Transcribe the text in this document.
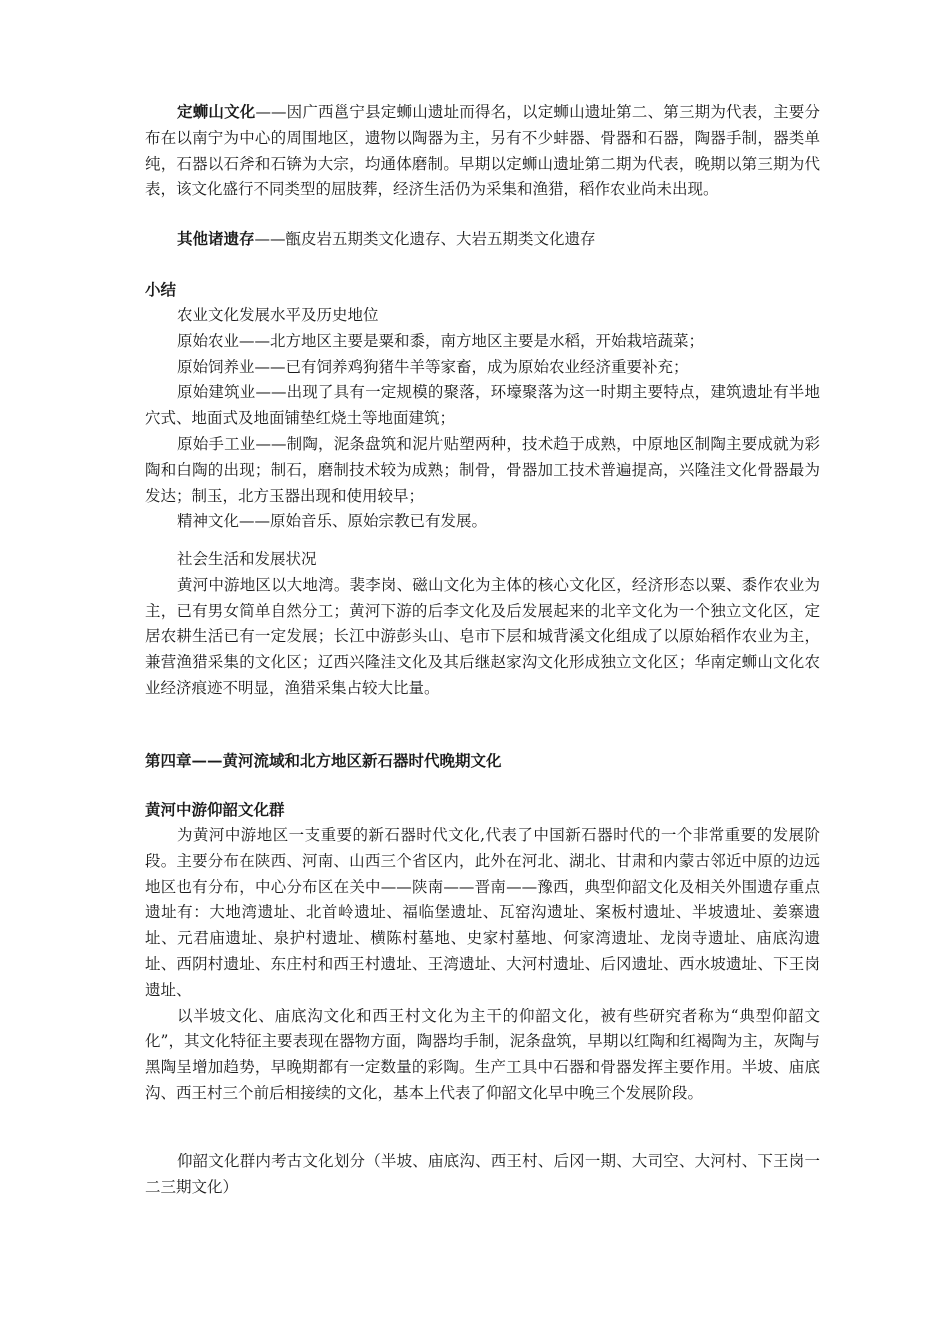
定蛳山文化——因广西邕宁县定蛳山遗址而得名，以定蛳山遗址第二、第三期为代表，主要分布在以南宁为中心的周围地区，遗物以陶器为主，另有不少蚌器、骨器和石器，陶器手制，器类单纯，石器以石斧和石锛为大宗，均通体磨制。早期以定蛳山遗址第二期为代表，晚期以第三期为代表，该文化盛行不同类型的屈肢葬，经济生活仍为采集和渔猎，稻作农业尚未出现。

其他诸遗存——甑皮岩五期类文化遗存、大岩五期类文化遗存

小结

农业文化发展水平及历史地位

原始农业——北方地区主要是粟和黍，南方地区主要是水稻，开始栽培蔬菜；

原始饲养业——已有饲养鸡狗猪牛羊等家畜，成为原始农业经济重要补充；

原始建筑业——出现了具有一定规模的聚落，环壕聚落为这一时期主要特点，建筑遗址有半地穴式、地面式及地面铺垫红烧土等地面建筑；

原始手工业——制陶，泥条盘筑和泥片贴塑两种，技术趋于成熟，中原地区制陶主要成就为彩陶和白陶的出现；制石，磨制技术较为成熟；制骨，骨器加工技术普遍提高，兴隆洼文化骨器最为发达；制玉，北方玉器出现和使用较早；

精神文化——原始音乐、原始宗教已有发展。

社会生活和发展状况

黄河中游地区以大地湾。裴李岗、磁山文化为主体的核心文化区，经济形态以粟、黍作农业为主，已有男女简单自然分工；黄河下游的后李文化及后发展起来的北辛文化为一个独立文化区，定居农耕生活已有一定发展；长江中游彭头山、皂市下层和城背溪文化组成了以原始稻作农业为主，兼营渔猎采集的文化区；辽西兴隆洼文化及其后继赵家沟文化形成独立文化区；华南定蛳山文化农业经济痕迹不明显，渔猎采集占较大比量。

第四章——黄河流域和北方地区新石器时代晚期文化

黄河中游仰韶文化群

为黄河中游地区一支重要的新石器时代文化,代表了中国新石器时代的一个非常重要的发展阶段。主要分布在陕西、河南、山西三个省区内，此外在河北、湖北、甘肃和内蒙古邻近中原的边远地区也有分布，中心分布区在关中——陕南——晋南——豫西，典型仰韶文化及相关外围遗存重点遗址有：大地湾遗址、北首岭遗址、福临堡遗址、瓦窑沟遗址、案板村遗址、半坡遗址、姜寨遗址、元君庙遗址、泉护村遗址、横陈村墓地、史家村墓地、何家湾遗址、龙岗寺遗址、庙底沟遗址、西阴村遗址、东庄村和西王村遗址、王湾遗址、大河村遗址、后冈遗址、西水坡遗址、下王岗遗址、

以半坡文化、庙底沟文化和西王村文化为主干的仰韶文化，被有些研究者称为“典型仰韶文化”，其文化特征主要表现在器物方面，陶器均手制，泥条盘筑，早期以红陶和红褐陶为主，灰陶与黑陶呈增加趋势，早晚期都有一定数量的彩陶。生产工具中石器和骨器发挥主要作用。半坡、庙底沟、西王村三个前后相接续的文化，基本上代表了仰韶文化早中晚三个发展阶段。

仰韶文化群内考古文化划分（半坡、庙底沟、西王村、后冈一期、大司空、大河村、下王岗一二三期文化）
